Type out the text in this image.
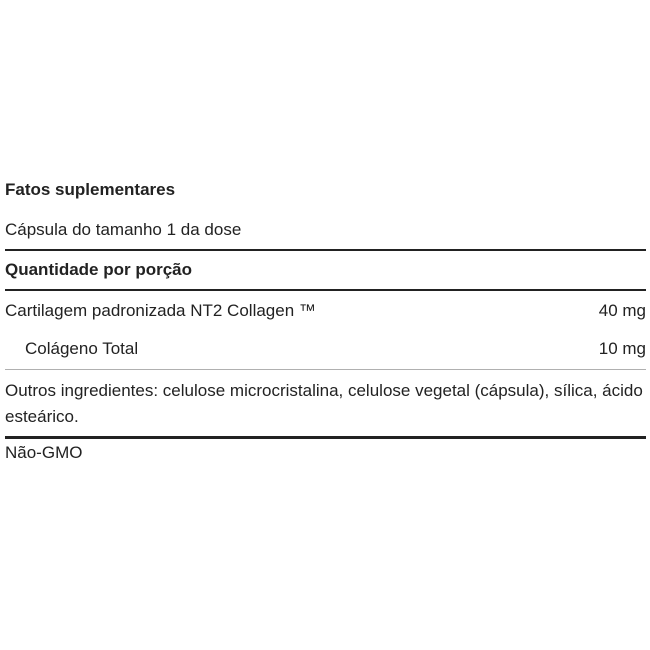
Fatos suplementares
Cápsula do tamanho 1 da dose
Quantidade por porção
Cartilagem padronizada NT2 Collagen ™	40 mg
Colágeno Total	10 mg
Outros ingredientes: celulose microcristalina, celulose vegetal (cápsula), sílica, ácido esteárico.
Não-GMO
